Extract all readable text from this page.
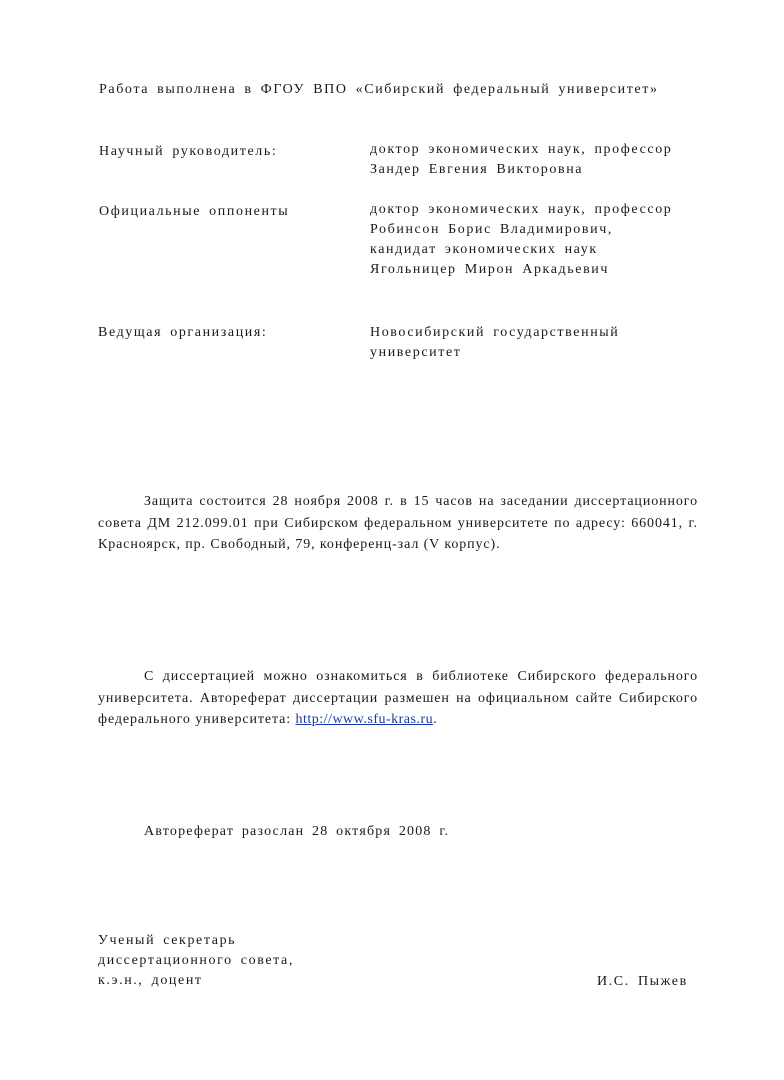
Работа выполнена в ФГОУ ВПО «Сибирский федеральный университет»
Научный руководитель:	доктор экономических наук, профессор
Зандер Евгения Викторовна
Официальные оппоненты	доктор экономических наук, профессор
Робинсон Борис Владимирович,
кандидат экономических наук
Ягольницер Мирон Аркадьевич
Ведущая организация:	Новосибирский государственный
университет
Защита состоится 28 ноября 2008 г. в 15 часов на заседании диссертационного совета ДМ 212.099.01 при Сибирском федеральном университете по адресу: 660041, г. Красноярск, пр. Свободный, 79, конференц-зал (V корпус).
С диссертацией можно ознакомиться в библиотеке Сибирского федерального университета. Автореферат диссертации размешен на официальном сайте Сибирского федерального университета: http://www.sfu-kras.ru.
Автореферат разослан 28 октября 2008 г.
Ученый секретарь
диссертационного совета,
к.э.н., доцент	И.С. Пыжев
